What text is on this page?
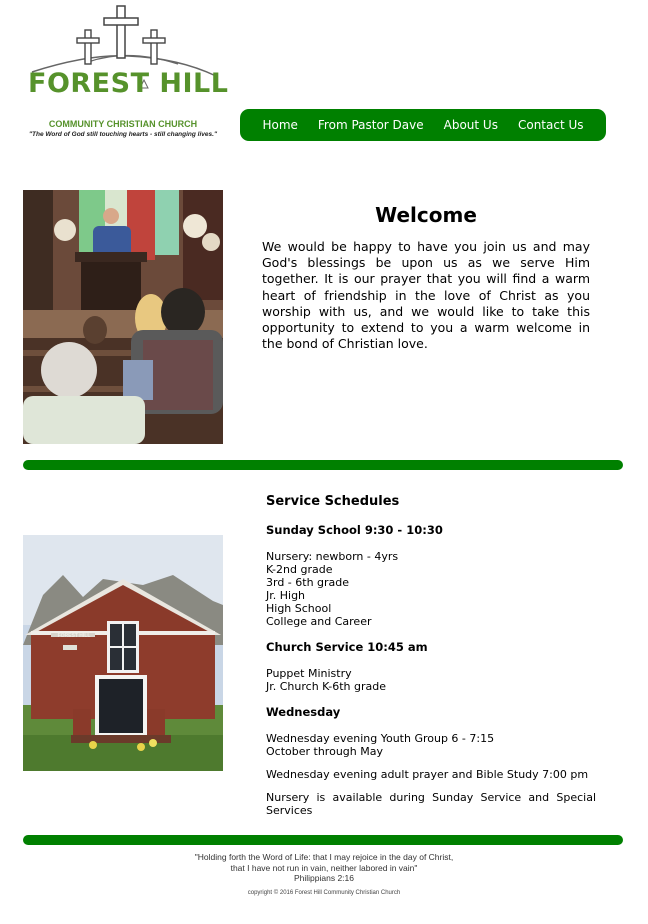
FOREST HILL
COMMUNITY CHRISTIAN CHURCH
"The Word of God still touching hearts - still changing lives."
Home	From Pastor Dave	About Us	Contact Us
Welcome
We would be happy to have you join us and may God's blessings be upon us as we serve Him together. It is our prayer that you will find a warm heart of friendship in the love of Christ as you worship with us, and we would like to take this opportunity to extend to you a warm welcome in the bond of Christian love.
FOREST HILL
Service Schedules
Sunday School 9:30 - 10:30
Nursery: newborn - 4yrs
K-2nd grade
3rd - 6th grade
Jr. High
High School
College and Career
Church Service 10:45 am
Puppet Ministry
Jr. Church K-6th grade
Wednesday
Wednesday evening Youth Group 6 - 7:15
October through May
Wednesday evening adult prayer and Bible Study 7:00 pm
Nursery is available during Sunday Service and Special Services
"Holding forth the Word of Life: that I may rejoice in the day of Christ,
that I have not run in vain, neither labored in vain"
Philippians 2:16
copyright © 2016 Forest Hill Community Christian Church
